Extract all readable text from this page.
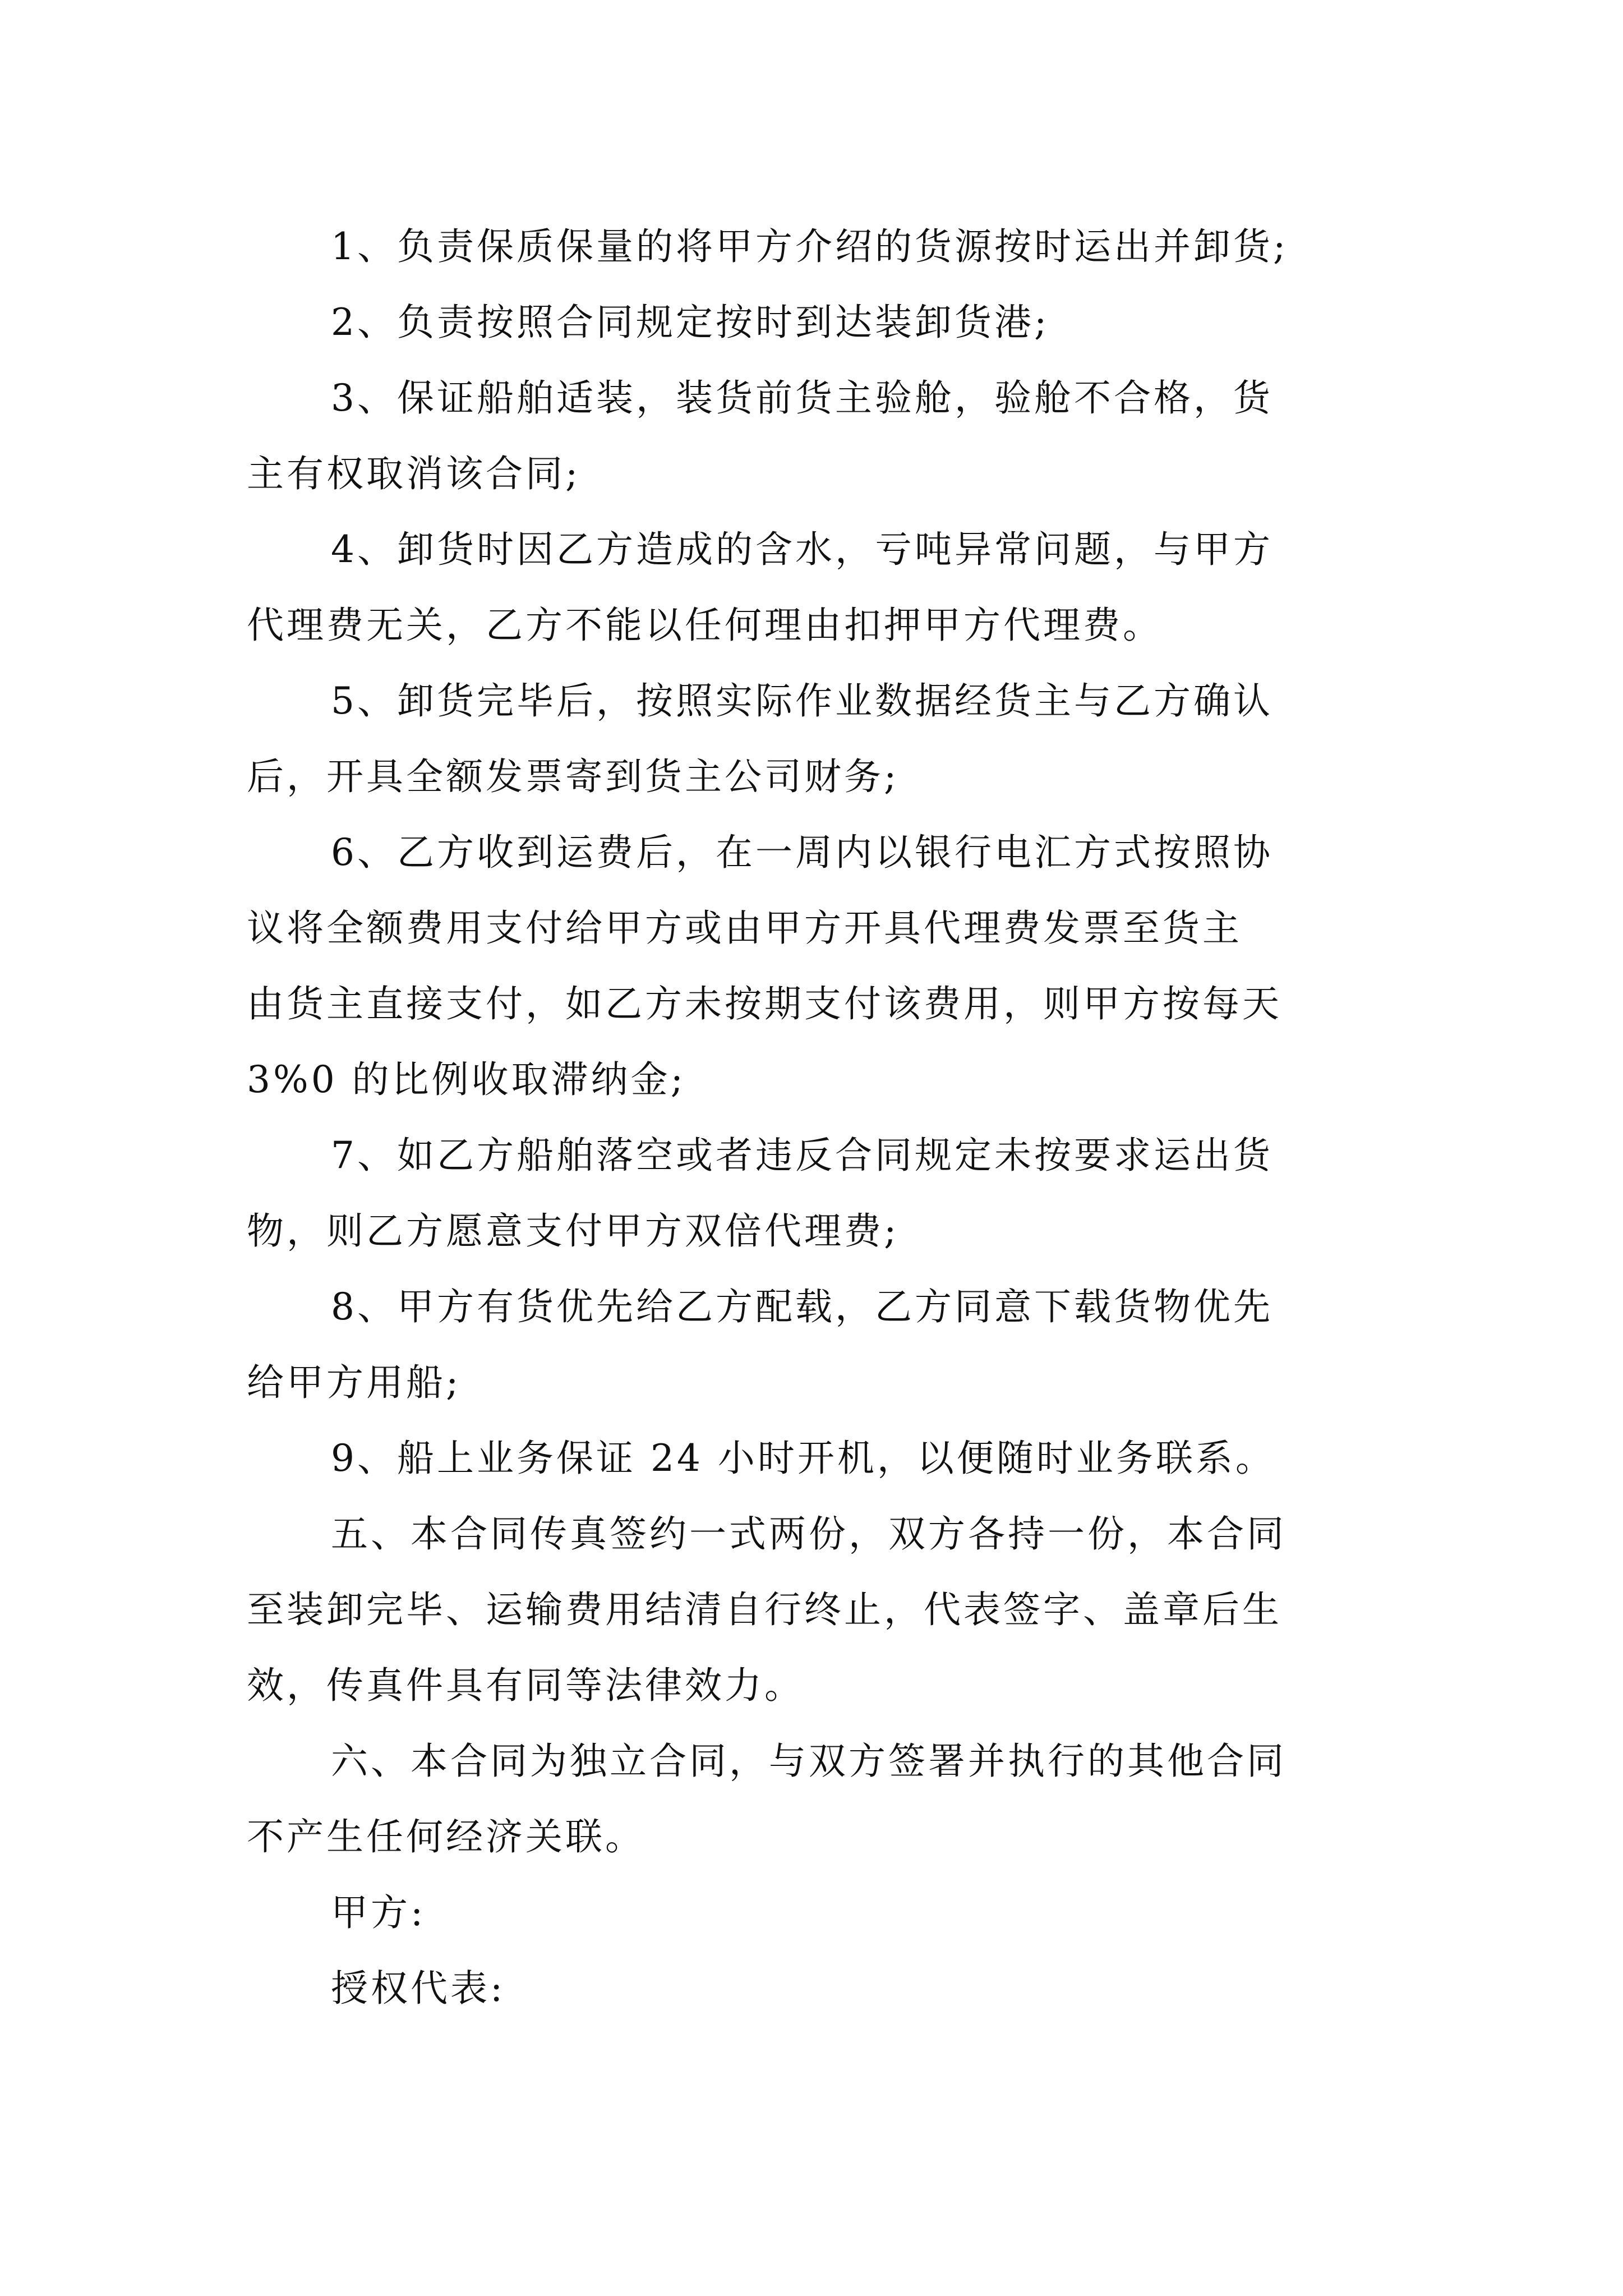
1、负责保质保量的将甲方介绍的货源按时运出并卸货;
2、负责按照合同规定按时到达装卸货港;
3、保证船舶适装，装货前货主验舱，验舱不合格，货
主有权取消该合同;
4、卸货时因乙方造成的含水，亏吨异常问题，与甲方
代理费无关，乙方不能以任何理由扣押甲方代理费。
5、卸货完毕后，按照实际作业数据经货主与乙方确认
后，开具全额发票寄到货主公司财务;
6、乙方收到运费后，在一周内以银行电汇方式按照协
议将全额费用支付给甲方或由甲方开具代理费发票至货主
由货主直接支付，如乙方未按期支付该费用，则甲方按每天
3%0 的比例收取滞纳金;
7、如乙方船舶落空或者违反合同规定未按要求运出货
物，则乙方愿意支付甲方双倍代理费;
8、甲方有货优先给乙方配载，乙方同意下载货物优先
给甲方用船;
9、船上业务保证 24 小时开机，以便随时业务联系。
五、本合同传真签约一式两份，双方各持一份，本合同
至装卸完毕、运输费用结清自行终止，代表签字、盖章后生
效，传真件具有同等法律效力。
六、本合同为独立合同，与双方签署并执行的其他合同
不产生任何经济关联。
甲方:
授权代表:
